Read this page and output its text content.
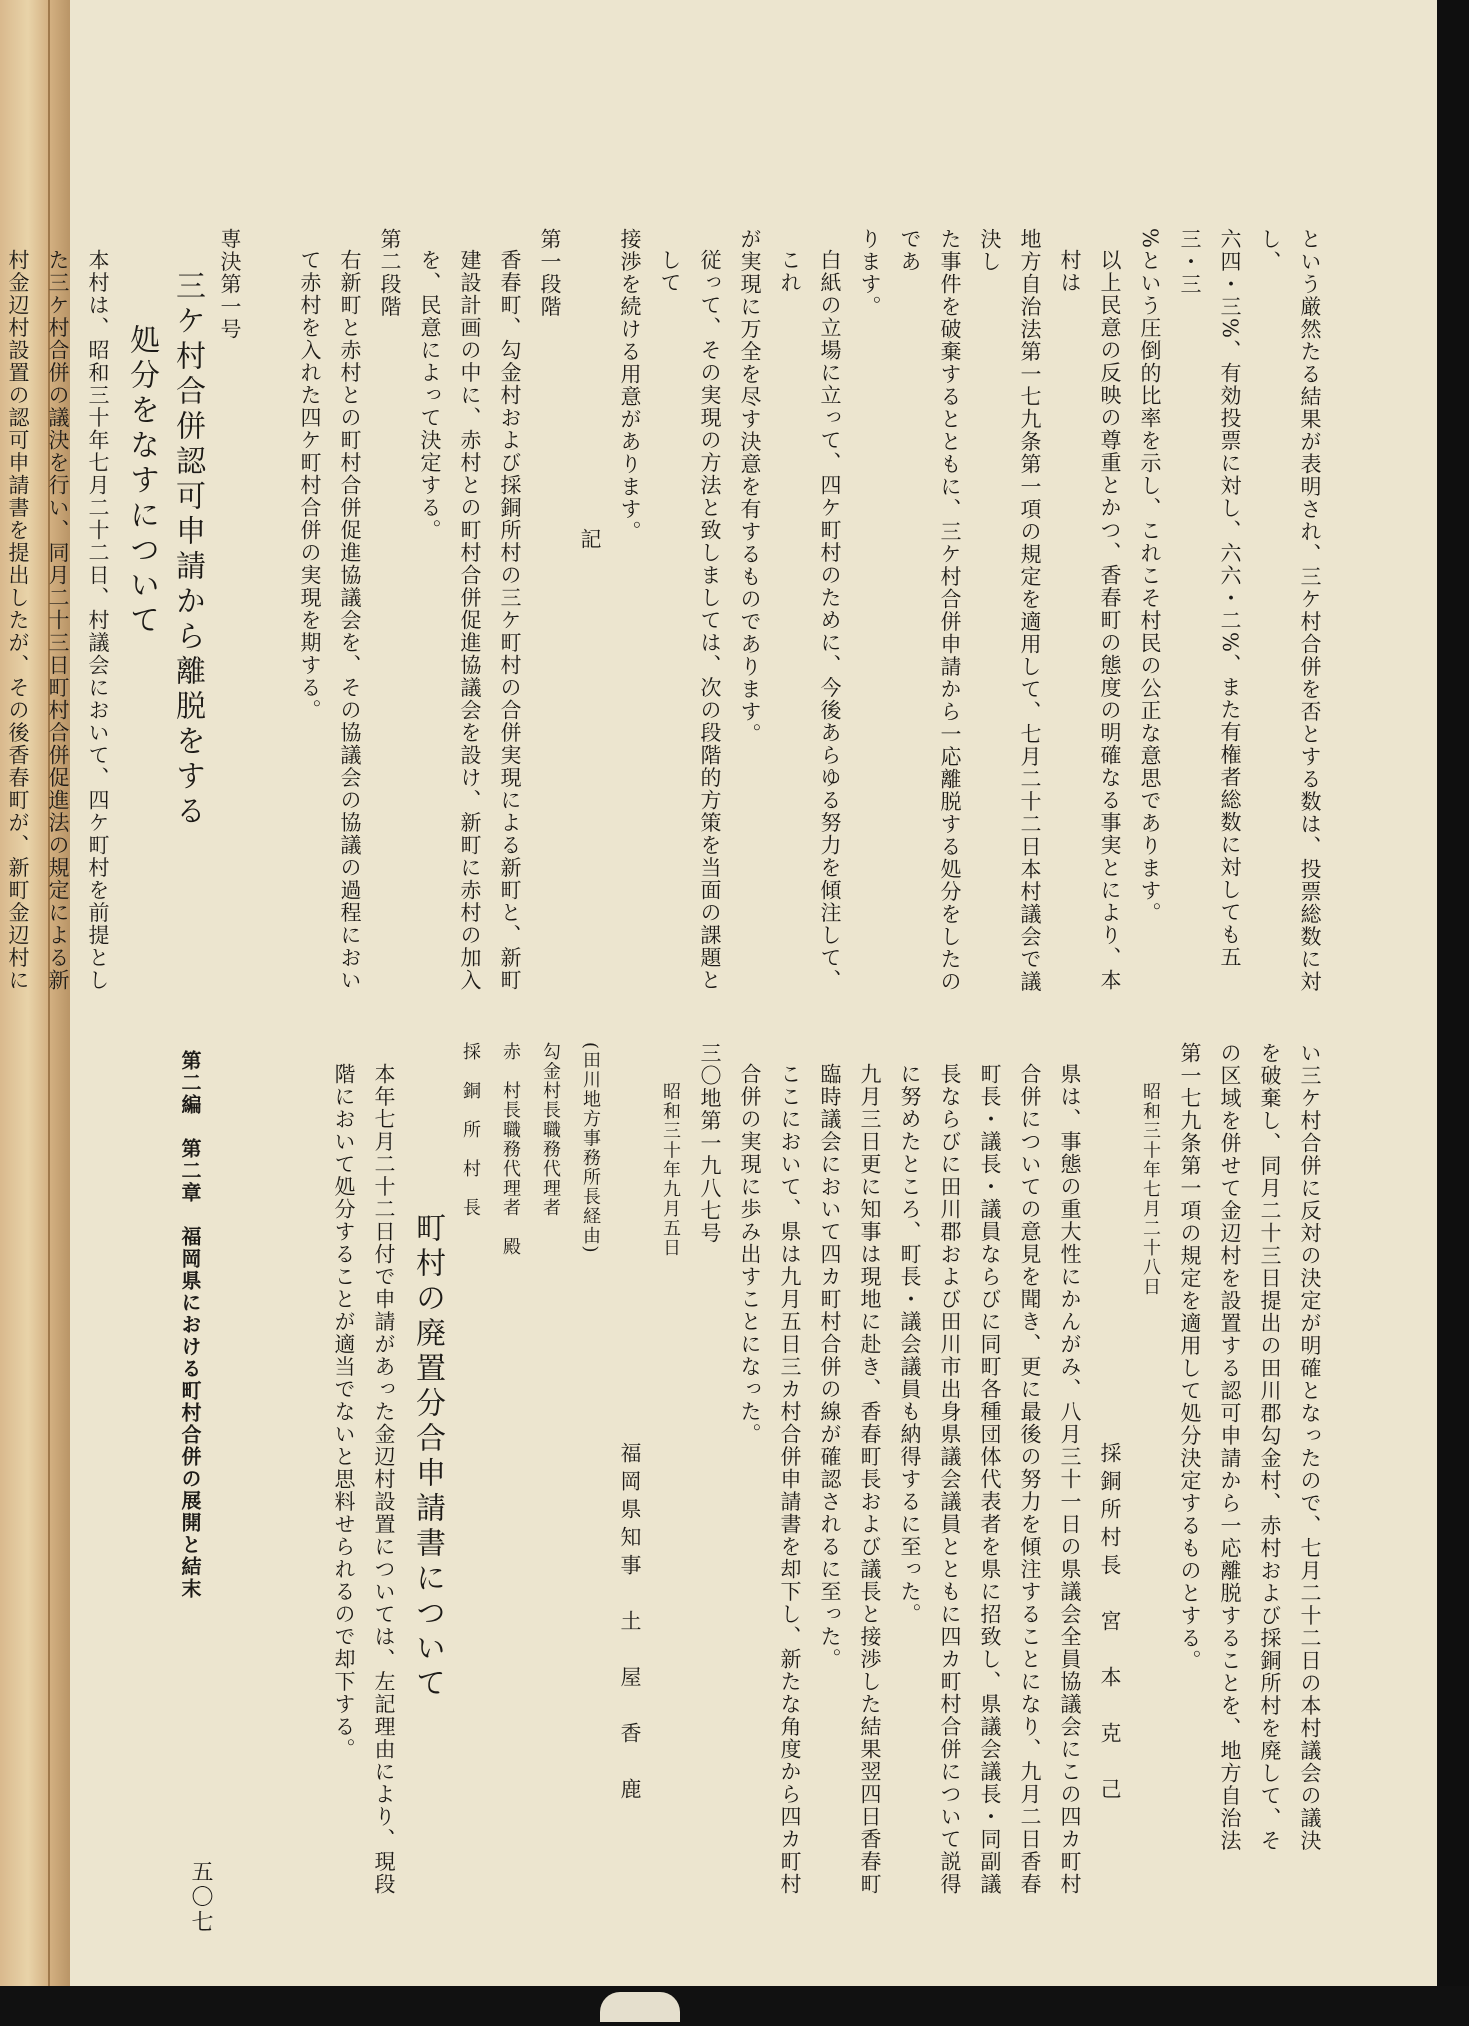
という厳然たる結果が表明され、三ケ村合併を否とする数は、投票総数に対し、

六四・三%、有効投票に対し、六六・二%、また有権者総数に対しても五三・三

%という圧倒的比率を示し、これこそ村民の公正な意思であります。

以上民意の反映の尊重とかつ、香春町の態度の明確なる事実とにより、本村は

地方自治法第一七九条第一項の規定を適用して、七月二十二日本村議会で議決し

た事件を破棄するとともに、三ケ村合併申請から一応離脱する処分をしたのであ

ります。

白紙の立場に立って、四ケ町村のために、今後あらゆる努力を傾注して、これ

が実現に万全を尽す決意を有するものであります。

従って、その実現の方法と致しましては、次の段階的方策を当面の課題として

接渉を続ける用意があります。

記

第一段階

香春町、勾金村および採銅所村の三ケ町村の合併実現による新町と、新町建設計画の中に、赤村との町村合併促進協議会を設け、新町に赤村の加入を、民意によって決定する。

第二段階

右新町と赤村との町村合併促進協議会を、その協議会の協議の過程において赤村を入れた四ケ町村合併の実現を期する。

専決第一号

三ケ村合併認可申請から離脱をする

処分をなすについて

本村は、昭和三十年七月二十二日、村議会において、四ケ町村を前提とした三ケ村合併の議決を行い、同月二十三日町村合併促進法の規定による新村金辺村設置の認可申請書を提出したが、その後香春町が、新町金辺村に

い三ケ村合併に反対の決定が明確となったので、七月二十二日の本村議会の議決

を破棄し、同月二十三日提出の田川郡勾金村、赤村および採銅所村を廃して、そ

の区域を併せて金辺村を設置する認可申請から一応離脱することを、地方自治法

第一七九条第一項の規定を適用して処分決定するものとする。

昭和三十年七月二十八日

採銅所村長　宮　本　克　己

県は、事態の重大性にかんがみ、八月三十一日の県議会全員協議会にこの四カ町村合併についての意見を聞き、更に最後の努力を傾注することになり、九月二日香春町長・議長・議員ならびに同町各種団体代表者を県に招致し、県議会議長・同副議長ならびに田川郡および田川市出身県議会議員とともに四カ町村合併について説得に努めたところ、町長・議会議員も納得するに至った。

九月三日更に知事は現地に赴き、香春町長および議長と接渉した結果翌四日香春町臨時議会において四カ町村合併の線が確認されるに至った。

ここにおいて、県は九月五日三カ村合併申請書を却下し、新たな角度から四カ町村合併の実現に歩み出すことになった。

三〇地第一九八七号

昭和三十年九月五日

福岡県知事　土　屋　香　鹿

(田川地方事務所長経由)

勾金村長職務代理者

赤　村長職務代理者　殿

採　銅　所　村　長

町村の廃置分合申請書について

本年七月二十二日付で申請があった金辺村設置については、左記理由により、現段階において処分することが適当でないと思料せられるので却下する。

第二編　第二章　福岡県における町村合併の展開と結末
五〇七
